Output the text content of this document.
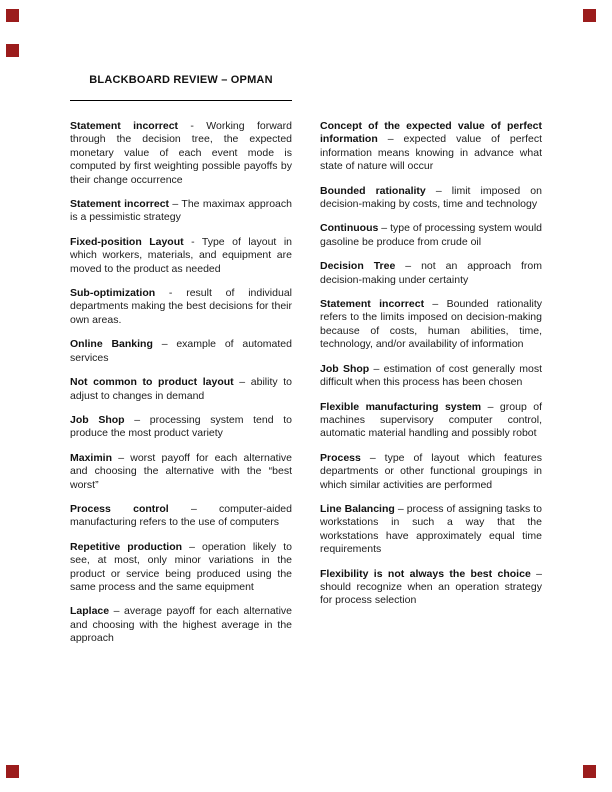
BLACKBOARD REVIEW – OPMAN

Statement incorrect - Working forward through the decision tree, the expected monetary value of each event mode is computed by first weighting possible payoffs by their change occurrence

Statement incorrect – The maximax approach is a pessimistic strategy

Fixed-position Layout - Type of layout in which workers, materials, and equipment are moved to the product as needed

Sub-optimization - result of individual departments making the best decisions for their own areas.

Online Banking – example of automated services

Not common to product layout – ability to adjust to changes in demand

Job Shop – processing system tend to produce the most product variety

Maximin – worst payoff for each alternative and choosing the alternative with the “best worst”

Process control – computer-aided manufacturing refers to the use of computers

Repetitive production – operation likely to see, at most, only minor variations in the product or service being produced using the same process and the same equipment

Laplace – average payoff for each alternative and choosing with the highest average in the approach

Concept of the expected value of perfect information – expected value of perfect information means knowing in advance what state of nature will occur

Bounded rationality – limit imposed on decision-making by costs, time and technology

Continuous – type of processing system would gasoline be produce from crude oil

Decision Tree – not an approach from decision-making under certainty

Statement incorrect – Bounded rationality refers to the limits imposed on decision-making because of costs, human abilities, time, technology, and/or availability of information

Job Shop – estimation of cost generally most difficult when this process has been chosen

Flexible manufacturing system – group of machines supervisory computer control, automatic material handling and possibly robot

Process – type of layout which features departments or other functional groupings in which similar activities are performed

Line Balancing – process of assigning tasks to workstations in such a way that the workstations have approximately equal time requirements

Flexibility is not always the best choice – should recognize when an operation strategy for process selection
